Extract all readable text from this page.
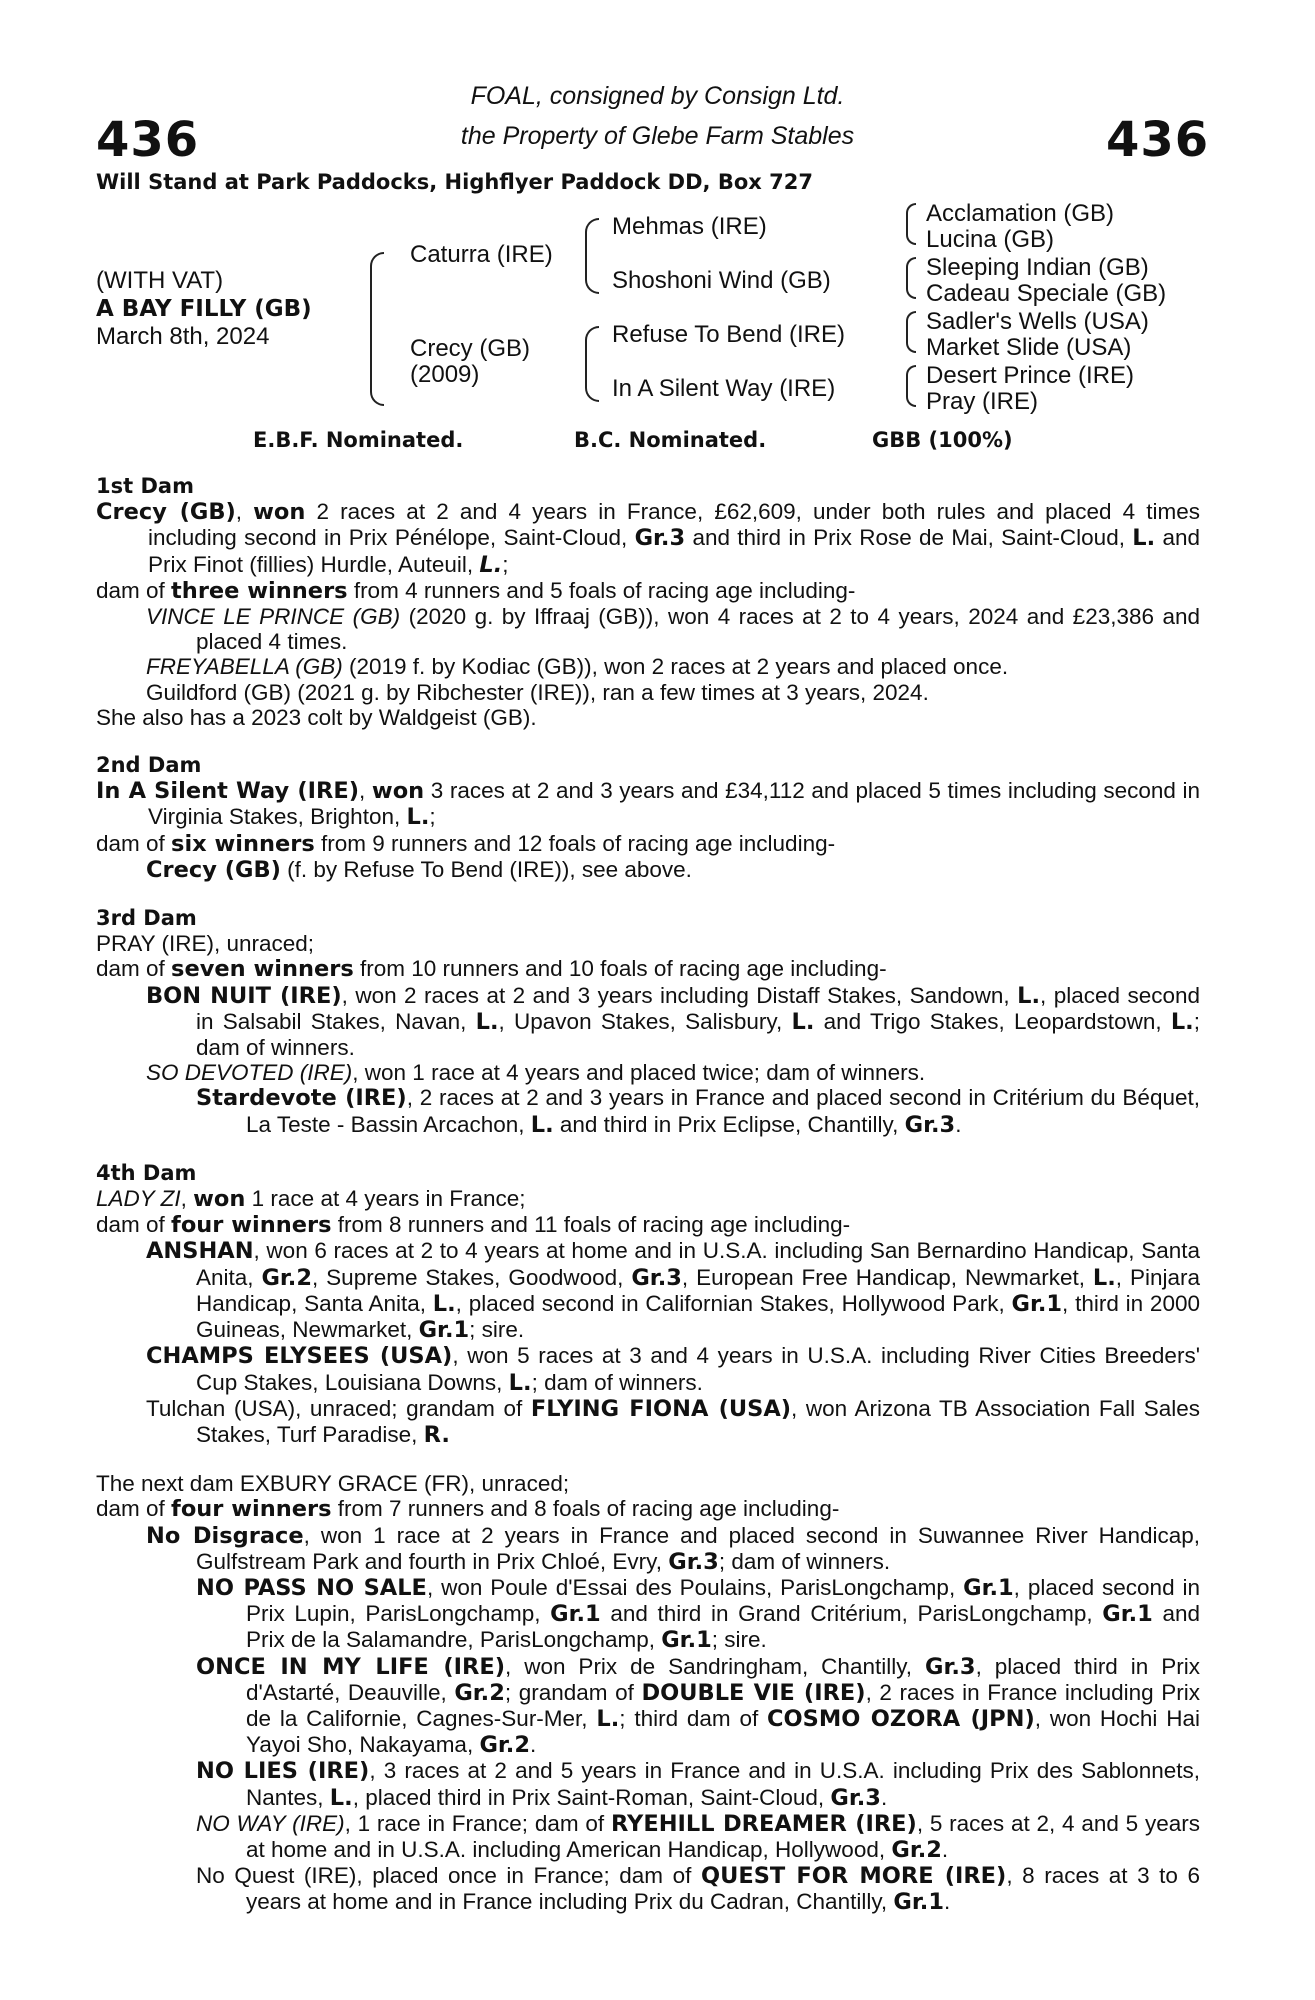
436	436
FOAL, consigned by Consign Ltd.
the Property of Glebe Farm Stables
Will Stand at Park Paddocks, Highflyer Paddock DD, Box 727
(WITH VAT)
A BAY FILLY (GB)
March 8th, 2024
Caturra (IRE)
Crecy (GB)
(2009)
Mehmas (IRE)
Shoshoni Wind (GB)
Refuse To Bend (IRE)
In A Silent Way (IRE)
Acclamation (GB)
Lucina (GB)
Sleeping Indian (GB)
Cadeau Speciale (GB)
Sadler's Wells (USA)
Market Slide (USA)
Desert Prince (IRE)
Pray (IRE)
E.B.F. Nominated.	B.C. Nominated.	GBB (100%)
1st Dam
Crecy (GB), won 2 races at 2 and 4 years in France, £62,609, under both rules and placed 4 times including second in Prix Pénélope, Saint-Cloud, Gr.3 and third in Prix Rose de Mai, Saint-Cloud, L. and Prix Finot (fillies) Hurdle, Auteuil, L.;
dam of three winners from 4 runners and 5 foals of racing age including-
VINCE LE PRINCE (GB) (2020 g. by Iffraaj (GB)), won 4 races at 2 to 4 years, 2024 and £23,386 and placed 4 times.
FREYABELLA (GB) (2019 f. by Kodiac (GB)), won 2 races at 2 years and placed once.
Guildford (GB) (2021 g. by Ribchester (IRE)), ran a few times at 3 years, 2024.
She also has a 2023 colt by Waldgeist (GB).
2nd Dam
In A Silent Way (IRE), won 3 races at 2 and 3 years and £34,112 and placed 5 times including second in Virginia Stakes, Brighton, L.;
dam of six winners from 9 runners and 12 foals of racing age including-
Crecy (GB) (f. by Refuse To Bend (IRE)), see above.
3rd Dam
PRAY (IRE), unraced;
dam of seven winners from 10 runners and 10 foals of racing age including-
BON NUIT (IRE), won 2 races at 2 and 3 years including Distaff Stakes, Sandown, L., placed second in Salsabil Stakes, Navan, L., Upavon Stakes, Salisbury, L. and Trigo Stakes, Leopardstown, L.; dam of winners.
SO DEVOTED (IRE), won 1 race at 4 years and placed twice; dam of winners.
Stardevote (IRE), 2 races at 2 and 3 years in France and placed second in Critérium du Béquet, La Teste - Bassin Arcachon, L. and third in Prix Eclipse, Chantilly, Gr.3.
4th Dam
LADY ZI, won 1 race at 4 years in France;
dam of four winners from 8 runners and 11 foals of racing age including-
ANSHAN, won 6 races at 2 to 4 years at home and in U.S.A. including San Bernardino Handicap, Santa Anita, Gr.2, Supreme Stakes, Goodwood, Gr.3, European Free Handicap, Newmarket, L., Pinjara Handicap, Santa Anita, L., placed second in Californian Stakes, Hollywood Park, Gr.1, third in 2000 Guineas, Newmarket, Gr.1; sire.
CHAMPS ELYSEES (USA), won 5 races at 3 and 4 years in U.S.A. including River Cities Breeders' Cup Stakes, Louisiana Downs, L.; dam of winners.
Tulchan (USA), unraced; grandam of FLYING FIONA (USA), won Arizona TB Association Fall Sales Stakes, Turf Paradise, R.
The next dam EXBURY GRACE (FR), unraced;
dam of four winners from 7 runners and 8 foals of racing age including-
No Disgrace, won 1 race at 2 years in France and placed second in Suwannee River Handicap, Gulfstream Park and fourth in Prix Chloé, Evry, Gr.3; dam of winners.
NO PASS NO SALE, won Poule d'Essai des Poulains, ParisLongchamp, Gr.1, placed second in Prix Lupin, ParisLongchamp, Gr.1 and third in Grand Critérium, ParisLongchamp, Gr.1 and Prix de la Salamandre, ParisLongchamp, Gr.1; sire.
ONCE IN MY LIFE (IRE), won Prix de Sandringham, Chantilly, Gr.3, placed third in Prix d'Astarté, Deauville, Gr.2; grandam of DOUBLE VIE (IRE), 2 races in France including Prix de la Californie, Cagnes-Sur-Mer, L.; third dam of COSMO OZORA (JPN), won Hochi Hai Yayoi Sho, Nakayama, Gr.2.
NO LIES (IRE), 3 races at 2 and 5 years in France and in U.S.A. including Prix des Sablonnets, Nantes, L., placed third in Prix Saint-Roman, Saint-Cloud, Gr.3.
NO WAY (IRE), 1 race in France; dam of RYEHILL DREAMER (IRE), 5 races at 2, 4 and 5 years at home and in U.S.A. including American Handicap, Hollywood, Gr.2.
No Quest (IRE), placed once in France; dam of QUEST FOR MORE (IRE), 8 races at 3 to 6 years at home and in France including Prix du Cadran, Chantilly, Gr.1.
